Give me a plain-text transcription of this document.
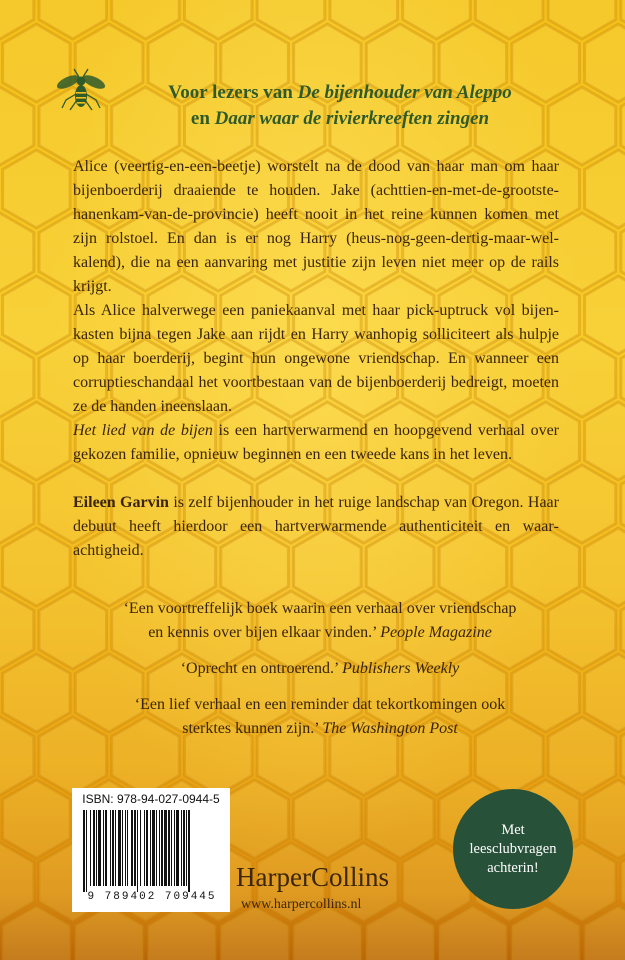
Voor lezers van De bijenhouder van Aleppo
en Daar waar de rivierkreeften zingen
Alice (veertig-en-een-beetje) worstelt na de dood van haar man om haar bijenboerderij draaiende te houden. Jake (achttien-en-met-de-grootste-hanenkam-van-de-provincie) heeft nooit in het reine kunnen komen met zijn rolstoel. En dan is er nog Harry (heus-nog-geen-dertig-maar-wel-kalend), die na een aanvaring met justitie zijn leven niet meer op de rails krijgt.
Als Alice halverwege een paniekaanval met haar pick-uptruck vol bijenkasten bijna tegen Jake aan rijdt en Harry wanhopig solliciteert als hulpje op haar boerderij, begint hun ongewone vriendschap. En wanneer een corruptieschandaal het voortbestaan van de bijenboerderij bedreigt, moeten ze de handen ineenslaan.
Het lied van de bijen is een hartverwarmend en hoopgevend verhaal over gekozen familie, opnieuw beginnen en een tweede kans in het leven.
Eileen Garvin is zelf bijenhouder in het ruige landschap van Oregon. Haar debuut heeft hierdoor een hartverwarmende authenticiteit en waarachtigheid.
‘Een voortreffelijk boek waarin een verhaal over vriendschap en kennis over bijen elkaar vinden.’ People Magazine
‘Oprecht en ontroerend.’ Publishers Weekly
‘Een lief verhaal en een reminder dat tekortkomingen ook sterktes kunnen zijn.’ The Washington Post
ISBN: 978-94-027-0944-5
9 789402 709445
HarperCollins
www.harpercollins.nl
Met
leesclubvragen
achterin!
